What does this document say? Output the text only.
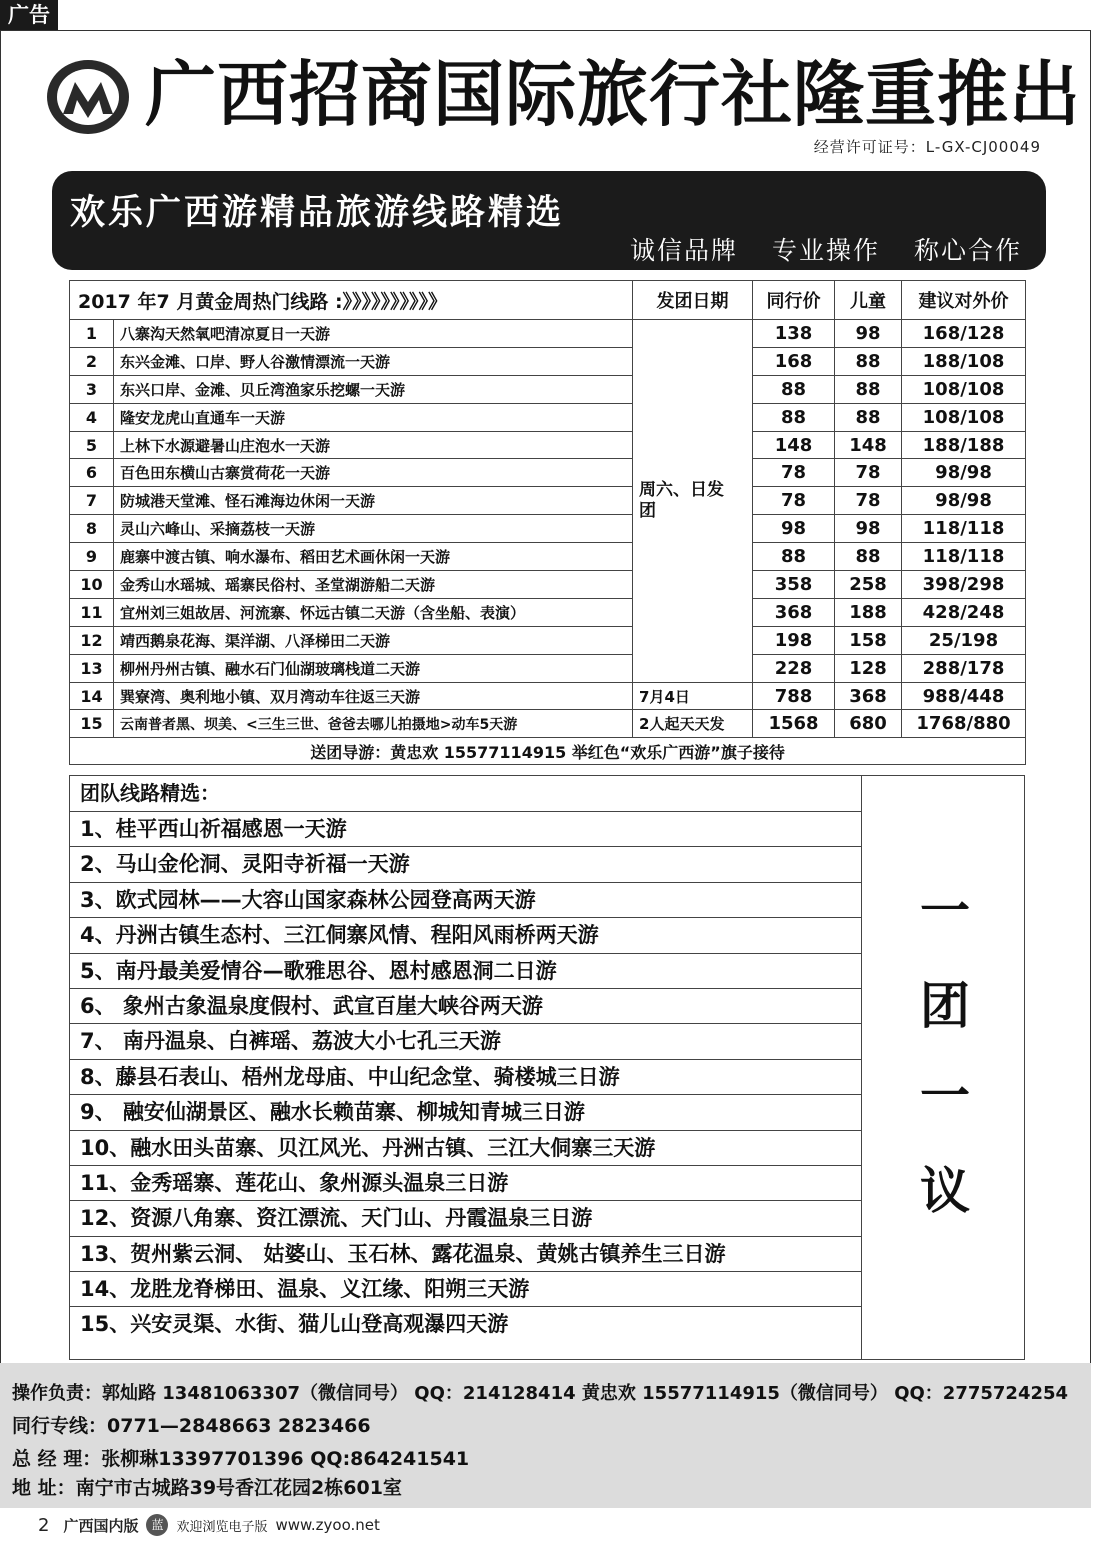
广告
广西招商国际旅行社隆重推出
经营许可证号：L-GX-CJ00049
欢乐广西游精品旅游线路精选
诚信品牌 专业操作 称心合作
2017 年7 月黄金周热门线路 :》》》》》》》》》》		发团日期	同行价	儿童	建议对外价
1	八寨沟天然氧吧清凉夏日一天游	周六、日发团	138	98	168/128
2	东兴金滩、口岸、野人谷激情漂流一天游		168	88	188/108
3	东兴口岸、金滩、贝丘湾渔家乐挖螺一天游		88	88	108/108
4	隆安龙虎山直通车一天游		88	88	108/108
5	上林下水源避暑山庄泡水一天游		148	148	188/188
6	百色田东横山古寨赏荷花一天游		78	78	98/98
7	防城港天堂滩、怪石滩海边休闲一天游		78	78	98/98
8	灵山六峰山、采摘荔枝一天游		98	98	118/118
9	鹿寨中渡古镇、响水瀑布、稻田艺术画休闲一天游		88	88	118/118
10	金秀山水瑶城、瑶寨民俗村、圣堂湖游船二天游		358	258	398/298
11	宜州刘三姐故居、河流寨、怀远古镇二天游（含坐船、表演）		368	188	428/248
12	靖西鹅泉花海、渠洋湖、八泽梯田二天游		198	158	25/198
13	柳州丹州古镇、融水石门仙湖玻璃栈道二天游		228	128	288/178
14	巽寮湾、奥利地小镇、双月湾动车往返三天游	7月4日	788	368	988/448
15	云南普者黑、坝美、<三生三世、爸爸去哪儿拍摄地>动车5天游	2人起天天发	1568	680	1768/880
送团导游：黄忠欢 15577114915 举红色“欢乐广西游”旗子接待					
团队线路精选：
1、桂平西山祈福感恩一天游
2、马山金伦洞、灵阳寺祈福一天游
3、欧式园林——大容山国家森林公园登高两天游
4、丹洲古镇生态村、三江侗寨风情、程阳风雨桥两天游
5、南丹最美爱情谷—歌雅思谷、恩村感恩洞二日游
6、 象州古象温泉度假村、武宣百崖大峡谷两天游
7、 南丹温泉、白裤瑶、荔波大小七孔三天游
8、藤县石表山、梧州龙母庙、中山纪念堂、骑楼城三日游
9、 融安仙湖景区、融水长赖苗寨、柳城知青城三日游
10、融水田头苗寨、贝江风光、丹洲古镇、三江大侗寨三天游
11、金秀瑶寨、莲花山、象州源头温泉三日游
12、资源八角寨、资江漂流、天门山、丹霞温泉三日游
13、贺州紫云洞、 姑婆山、玉石林、露花温泉、黄姚古镇养生三日游
14、龙胜龙脊梯田、温泉、义江缘、阳朔三天游
15、兴安灵渠、水街、猫儿山登高观瀑四天游
一
团
一
议
操作负责：郭灿路 13481063307（微信同号） QQ：214128414 黄忠欢 15577114915（微信同号） QQ：2775724254
同行专线：0771—2848663 2823466
总 经 理：张柳琳13397701396 QQ:864241541
地 址：南宁市古城路39号香江花园2栋601室
2 广西国内版	蓝	欢迎浏览电子版 www.zyoo.net
